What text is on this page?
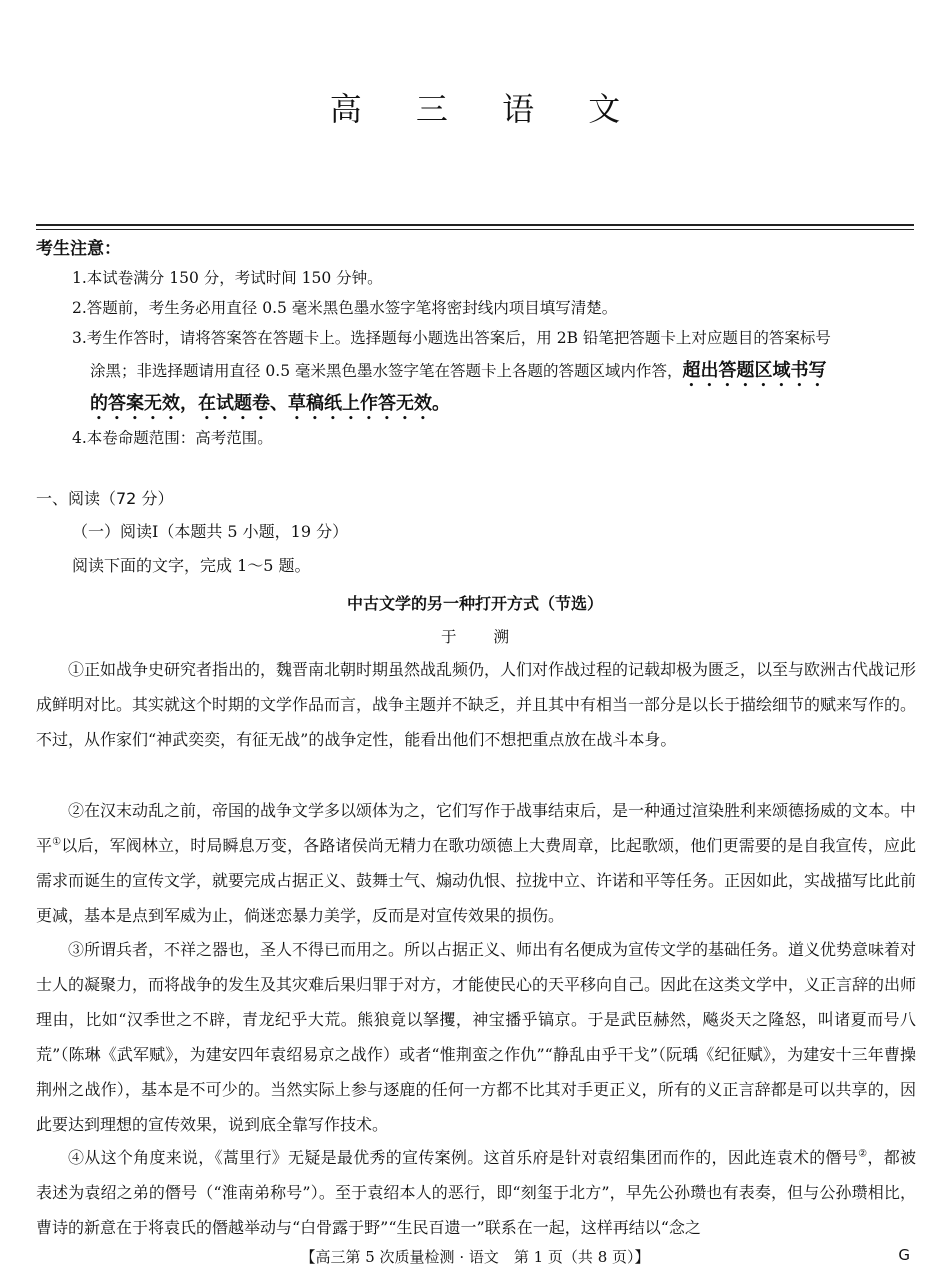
高 三 语 文
考生注意：
1.本试卷满分 150 分，考试时间 150 分钟。
2.答题前，考生务必用直径 0.5 毫米黑色墨水签字笔将密封线内项目填写清楚。
3.考生作答时，请将答案答在答题卡上。选择题每小题选出答案后，用 2B 铅笔把答题卡上对应题目的答案标号
涂黑；非选择题请用直径 0.5 毫米黑色墨水签字笔在答题卡上各题的答题区域内作答，超出答题区域书写
的答案无效，在试题卷、草稿纸上作答无效。
4.本卷命题范围：高考范围。
一、阅读（72 分）
（一）阅读Ⅰ（本题共 5 小题，19 分）
阅读下面的文字，完成 1～5 题。
中古文学的另一种打开方式（节选）
于 溯

①正如战争史研究者指出的，魏晋南北朝时期虽然战乱频仍，人们对作战过程的记载却极为匮乏，以至与欧洲古代战记形成鲜明对比。其实就这个时期的文学作品而言，战争主题并不缺乏，并且其中有相当一部分是以长于描绘细节的赋来写作的。不过，从作家们“神武奕奕，有征无战”的战争定性，能看出他们不想把重点放在战斗本身。

②在汉末动乱之前，帝国的战争文学多以颂体为之，它们写作于战事结束后，是一种通过渲染胜利来颂德扬威的文本。中平①以后，军阀林立，时局瞬息万变，各路诸侯尚无精力在歌功颂德上大费周章，比起歌颂，他们更需要的是自我宣传，应此需求而诞生的宣传文学，就要完成占据正义、鼓舞士气、煽动仇恨、拉拢中立、许诺和平等任务。正因如此，实战描写比此前更减，基本是点到军威为止，倘迷恋暴力美学，反而是对宣传效果的损伤。

③所谓兵者，不祥之器也，圣人不得已而用之。所以占据正义、师出有名便成为宣传文学的基础任务。道义优势意味着对士人的凝聚力，而将战争的发生及其灾难后果归罪于对方，才能使民心的天平移向自己。因此在这类文学中，义正言辞的出师理由，比如“汉季世之不辟，青龙纪乎大荒。熊狼竟以拏攫，神宝播乎镐京。于是武臣赫然，飚炎天之隆怒，叫诸夏而号八荒”（陈琳《武军赋》，为建安四年袁绍易京之战作）或者“惟荆蛮之作仇”“静乱由乎干戈”（阮瑀《纪征赋》，为建安十三年曹操荆州之战作），基本是不可少的。当然实际上参与逐鹿的任何一方都不比其对手更正义，所有的义正言辞都是可以共享的，因此要达到理想的宣传效果，说到底全靠写作技术。

④从这个角度来说，《蒿里行》无疑是最优秀的宣传案例。这首乐府是针对袁绍集团而作的，因此连袁术的僭号②，都被表述为袁绍之弟的僭号（“淮南弟称号”）。至于袁绍本人的恶行，即“刻玺于北方”，早先公孙瓒也有表奏，但与公孙瓒相比，曹诗的新意在于将袁氏的僭越举动与“白骨露于野”“生民百遗一”联系在一起，这样再结以“念之

【高三第 5 次质量检测 · 语文　第 1 页（共 8 页）】	G
